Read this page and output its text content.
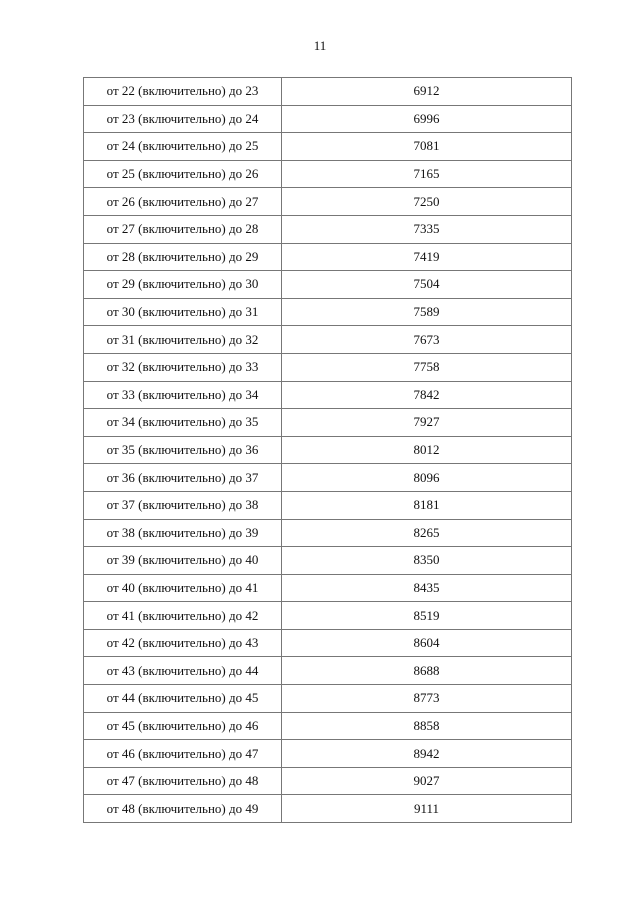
11
от 22 (включительно) до 23	6912
от 23 (включительно) до 24	6996
от 24 (включительно) до 25	7081
от 25 (включительно) до 26	7165
от 26 (включительно) до 27	7250
от 27 (включительно) до 28	7335
от 28 (включительно) до 29	7419
от 29 (включительно) до 30	7504
от 30 (включительно) до 31	7589
от 31 (включительно) до 32	7673
от 32 (включительно) до 33	7758
от 33 (включительно) до 34	7842
от 34 (включительно) до 35	7927
от 35 (включительно) до 36	8012
от 36 (включительно) до 37	8096
от 37 (включительно) до 38	8181
от 38 (включительно) до 39	8265
от 39 (включительно) до 40	8350
от 40 (включительно) до 41	8435
от 41 (включительно) до 42	8519
от 42 (включительно) до 43	8604
от 43 (включительно) до 44	8688
от 44 (включительно) до 45	8773
от 45 (включительно) до 46	8858
от 46 (включительно) до 47	8942
от 47 (включительно) до 48	9027
от 48 (включительно) до 49	9111
